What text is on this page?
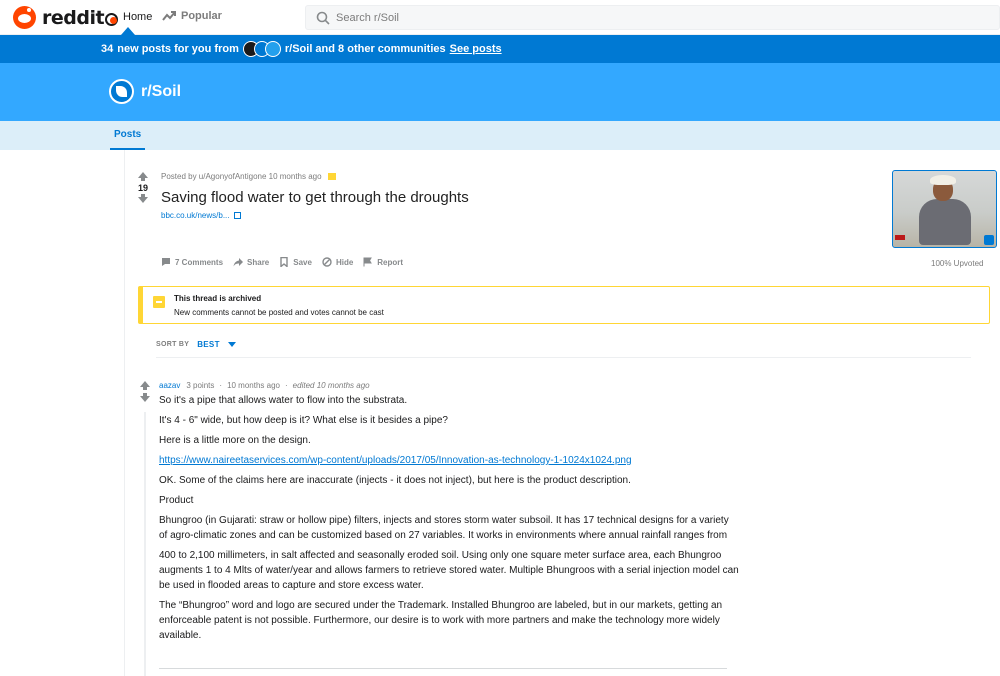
reddit Home	Popular
Search r/Soil
34 new posts for you from	r/Soil and 8 other communities See posts
r/Soil
Posts
19
Posted by u/AgonyofAntigone 10 months ago
Saving flood water to get through the droughts
bbc.co.uk/news/b...
7 Comments	Share	Save	Hide	Report	100% Upvoted
This thread is archived
New comments cannot be posted and votes cannot be cast
SORT BY BEST
aazav 3 points · 10 months ago · edited 10 months ago

So it's a pipe that allows water to flow into the substrata.

It's 4 - 6" wide, but how deep is it? What else is it besides a pipe?

Here is a little more on the design.

https://www.naireetaservices.com/wp-content/uploads/2017/05/Innovation-as-technology-1-1024x1024.png

OK. Some of the claims here are inaccurate (injects - it does not inject), but here is the product description.

Product

Bhungroo (in Gujarati: straw or hollow pipe) filters, injects and stores storm water subsoil. It has 17 technical designs for a variety of agro-climatic zones and can be customized based on 27 variables. It works in environments where annual rainfall ranges from

400 to 2,100 millimeters, in salt affected and seasonally eroded soil. Using only one square meter surface area, each Bhungroo augments 1 to 4 Mlts of water/year and allows farmers to retrieve stored water. Multiple Bhungroos with a serial injection model can be used in flooded areas to capture and store excess water.

The “Bhungroo” word and logo are secured under the Trademark. Installed Bhungroo are labeled, but in our markets, getting an enforceable patent is not possible. Furthermore, our desire is to work with more partners and make the technology more widely available.
